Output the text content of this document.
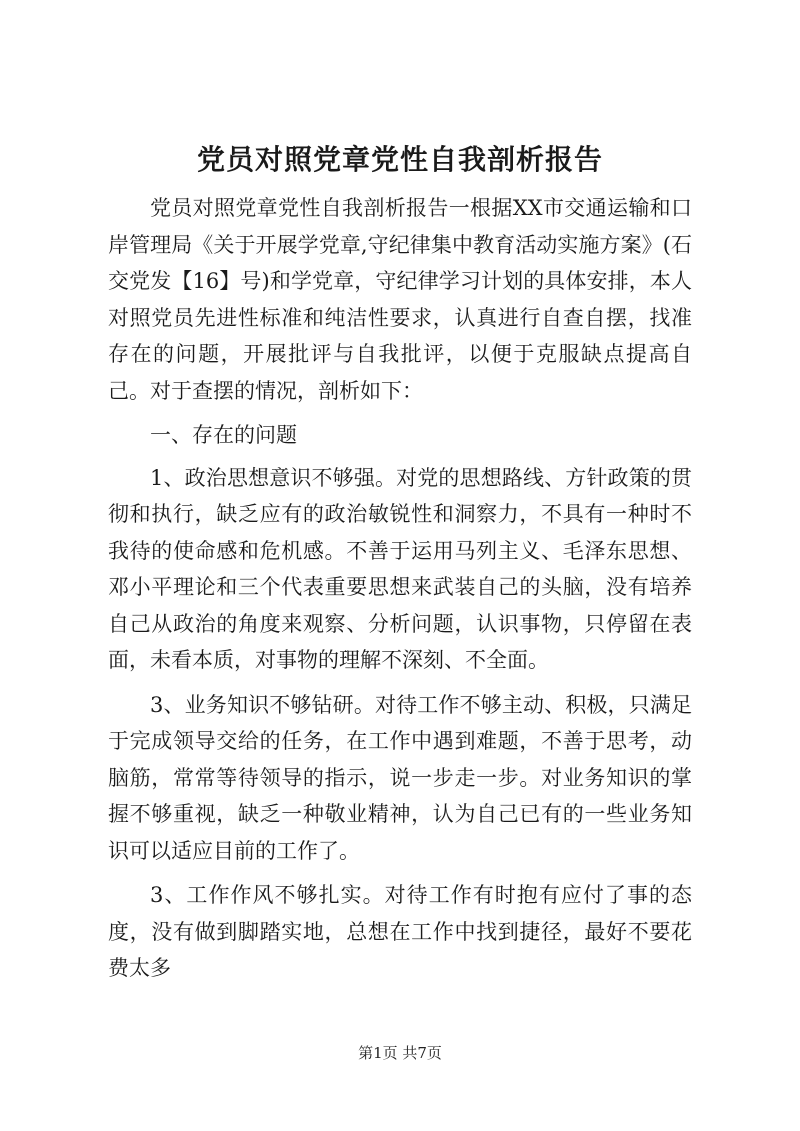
党员对照党章党性自我剖析报告

党员对照党章党性自我剖析报告一根据XX市交通运输和口岸管理局《关于开展学党章,守纪律集中教育活动实施方案》(石交党发【16】号)和学党章，守纪律学习计划的具体安排，本人对照党员先进性标准和纯洁性要求，认真进行自查自摆，找准存在的问题，开展批评与自我批评，以便于克服缺点提高自己。对于查摆的情况，剖析如下：

一、存在的问题

1、政治思想意识不够强。对党的思想路线、方针政策的贯彻和执行，缺乏应有的政治敏锐性和洞察力，不具有一种时不我待的使命感和危机感。不善于运用马列主义、毛泽东思想、邓小平理论和三个代表重要思想来武装自己的头脑，没有培养自己从政治的角度来观察、分析问题，认识事物，只停留在表面，未看本质，对事物的理解不深刻、不全面。

3、业务知识不够钻研。对待工作不够主动、积极，只满足于完成领导交给的任务，在工作中遇到难题，不善于思考，动脑筋，常常等待领导的指示，说一步走一步。对业务知识的掌握不够重视，缺乏一种敬业精神，认为自己已有的一些业务知识可以适应目前的工作了。

3、工作作风不够扎实。对待工作有时抱有应付了事的态度，没有做到脚踏实地，总想在工作中找到捷径，最好不要花费太多

第1页 共7页
